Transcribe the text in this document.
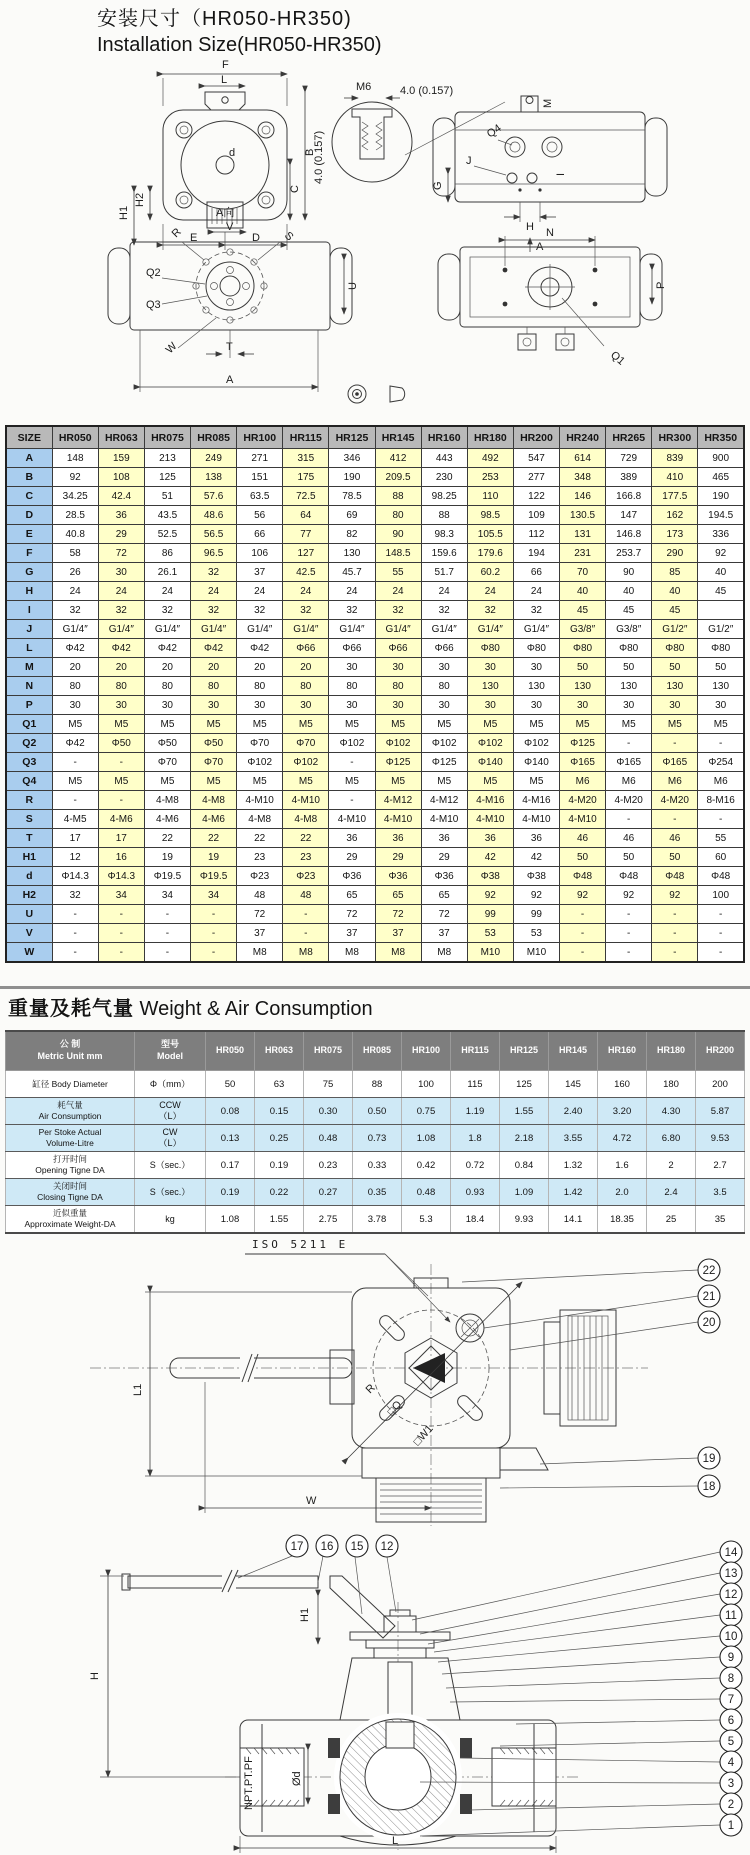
安装尺寸（HR050-HR350)
Installation Size(HR050-HR350)
F
L
B
C
d
H2
H1
E	D
M6	4.0 (0.157)
4.0 (0.157)
M
Q4
J
I
G
H
A
A向
V
R	S
Q2
Q3
U
W	T
A
N
P
Q1
SIZE	HR050	HR063	HR075	HR085	HR100	HR115	HR125	HR145	HR160	HR180	HR200	HR240	HR265	HR300	HR350
A	148	159	213	249	271	315	346	412	443	492	547	614	729	839	900
B	92	108	125	138	151	175	190	209.5	230	253	277	348	389	410	465
C	34.25	42.4	51	57.6	63.5	72.5	78.5	88	98.25	110	122	146	166.8	177.5	190
D	28.5	36	43.5	48.6	56	64	69	80	88	98.5	109	130.5	147	162	194.5
E	40.8	29	52.5	56.5	66	77	82	90	98.3	105.5	112	131	146.8	173	336
F	58	72	86	96.5	106	127	130	148.5	159.6	179.6	194	231	253.7	290	92
G	26	30	26.1	32	37	42.5	45.7	55	51.7	60.2	66	70	90	85	40
H	24	24	24	24	24	24	24	24	24	24	24	40	40	40	45
I	32	32	32	32	32	32	32	32	32	32	32	45	45	45	
J	G1/4″	G1/4″	G1/4″	G1/4″	G1/4″	G1/4″	G1/4″	G1/4″	G1/4″	G1/4″	G1/4″	G3/8″	G3/8″	G1/2″	G1/2″
L	Φ42	Φ42	Φ42	Φ42	Φ42	Φ66	Φ66	Φ66	Φ66	Φ80	Φ80	Φ80	Φ80	Φ80	Φ80
M	20	20	20	20	20	20	30	30	30	30	30	50	50	50	50
N	80	80	80	80	80	80	80	80	80	130	130	130	130	130	130
P	30	30	30	30	30	30	30	30	30	30	30	30	30	30	30
Q1	M5	M5	M5	M5	M5	M5	M5	M5	M5	M5	M5	M5	M5	M5	M5
Q2	Φ42	Φ50	Φ50	Φ50	Φ70	Φ70	Φ102	Φ102	Φ102	Φ102	Φ102	Φ125	-	-	-
Q3	-	-	Φ70	Φ70	Φ102	Φ102	-	Φ125	Φ125	Φ140	Φ140	Φ165	Φ165	Φ165	Φ254
Q4	M5	M5	M5	M5	M5	M5	M5	M5	M5	M5	M5	M6	M6	M6	M6
R	-	-	4-M8	4-M8	4-M10	4-M10	-	4-M12	4-M12	4-M16	4-M16	4-M20	4-M20	4-M20	8-M16
S	4-M5	4-M6	4-M6	4-M6	4-M8	4-M8	4-M10	4-M10	4-M10	4-M10	4-M10	4-M10	-	-	-
T	17	17	22	22	22	22	36	36	36	36	36	46	46	46	55
H1	12	16	19	19	23	23	29	29	29	42	42	50	50	50	60
d	Φ14.3	Φ14.3	Φ19.5	Φ19.5	Φ23	Φ23	Φ36	Φ36	Φ36	Φ38	Φ38	Φ48	Φ48	Φ48	Φ48
H2	32	34	34	34	48	48	65	65	65	92	92	92	92	92	100
U	-	-	-	-	72	-	72	72	72	99	99	-	-	-	-
V	-	-	-	-	37	-	37	37	37	53	53	-	-	-	-
W	-	-	-	-	M8	M8	M8	M8	M8	M10	M10	-	-	-	-
重量及耗气量 Weight & Air Consumption
公 制
Metric Unit mm

型号
Model
	HR050	HR063	HR075	HR085	HR100	HR115	HR125	HR145	HR160	HR180	HR200

缸径 Body Diameter	Φ（mm）	50	63	75	88	100	115	125	145	160	180	200

耗气量
Air Consumption

CCW
（L）	0.08	0.15	0.30	0.50	0.75	1.19	1.55	2.40	3.20	4.30	5.87

Per Stoke Actual
Volume-Litre

CW
（L）	0.13	0.25	0.48	0.73	1.08	1.8	2.18	3.55	4.72	6.80	9.53

打开时间
Opening Tigne DA	S（sec.）	0.17	0.19	0.23	0.33	0.42	0.72	0.84	1.32	1.6	2	2.7

关闭时间
Closing Tigne DA	S（sec.）	0.19	0.22	0.27	0.35	0.48	0.93	1.09	1.42	2.0	2.4	3.5

近似重量
Approximate Weight-DA	kg	1.08	1.55	2.75	3.78	5.3	18.4	9.93	14.1	18.35	25	35
ISO 5211 E
R
□Q
□W1
L1
W
22
21
20
19
18
H
H1
NPT.PT.PF	Ød
L
17 16 15 12	14
13
12
11
10
9
8
7
6
5
4
3
2
1
